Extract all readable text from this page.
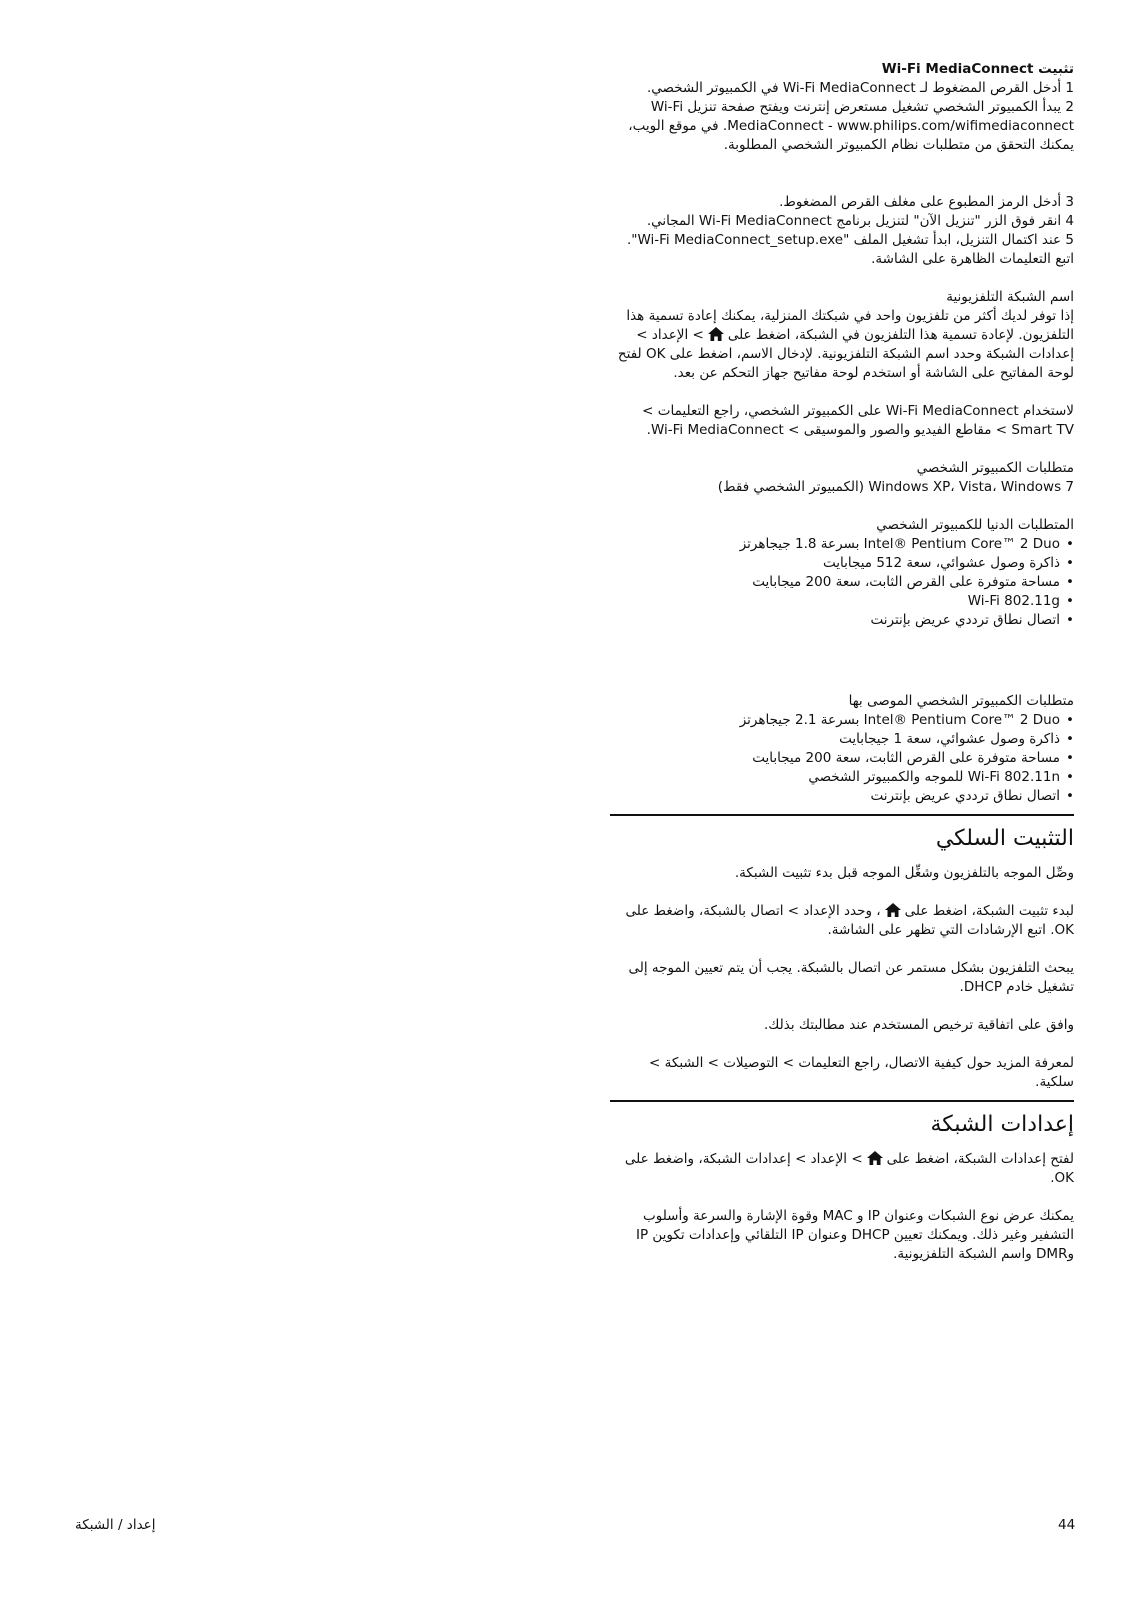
تثبيت Wi-Fi MediaConnect

1 أدخل القرص المضغوط لـ Wi-Fi MediaConnect في الكمبيوتر الشخصي.

2 يبدأ الكمبيوتر الشخصي تشغيل مستعرض إنترنت ويفتح صفحة تنزيل Wi-Fi MediaConnect - www.philips.com/wifimediaconnect. في موقع الويب، يمكنك التحقق من متطلبات نظام الكمبيوتر الشخصي المطلوبة.

3 أدخل الرمز المطبوع على مغلف القرص المضغوط.

4 انقر فوق الزر "تنزيل الآن" لتنزيل برنامج Wi-Fi MediaConnect المجاني.

5 عند اكتمال التنزيل، ابدأ تشغيل الملف "Wi-Fi MediaConnect_setup.exe". اتبع التعليمات الظاهرة على الشاشة.

اسم الشبكة التلفزيونية

إذا توفر لديك أكثر من تلفزيون واحد في شبكتك المنزلية، يمكنك إعادة تسمية هذا التلفزيون. لإعادة تسمية هذا التلفزيون في الشبكة، اضغط على> الإعداد > إعدادات الشبكة وحدد اسم الشبكة التلفزيونية. لإدخال الاسم، اضغط على OK لفتح لوحة المفاتيح على الشاشة أو استخدم لوحة مفاتيح جهاز التحكم عن بعد.

لاستخدام Wi-Fi MediaConnect على الكمبيوتر الشخصي، راجع التعليمات > Smart TV > مقاطع الفيديو والصور والموسيقى > Wi-Fi MediaConnect.

متطلبات الكمبيوتر الشخصي

Windows XP، Vista، Windows 7 (الكمبيوتر الشخصي فقط)

المتطلبات الدنيا للكمبيوتر الشخصي

• Intel® Pentium Core™ 2 Duo بسرعة 1.8 جيجاهرتز
• ذاكرة وصول عشوائي، سعة 512 ميجابايت
• مساحة متوفرة على القرص الثابت، سعة 200 ميجابايت
• Wi-Fi 802.11g
• اتصال نطاق ترددي عريض بإنترنت

متطلبات الكمبيوتر الشخصي الموصى بها

• Intel® Pentium Core™ 2 Duo بسرعة 2.1 جيجاهرتز
• ذاكرة وصول عشوائي، سعة 1 جيجابايت
• مساحة متوفرة على القرص الثابت، سعة 200 ميجابايت
• Wi-Fi 802.11n للموجه والكمبيوتر الشخصي
• اتصال نطاق ترددي عريض بإنترنت
التثبيت السلكي

وصِّل الموجه بالتلفزيون وشغِّل الموجه قبل بدء تثبيت الشبكة.

لبدء تثبيت الشبكة، اضغط على، وحدد الإعداد > اتصال بالشبكة، واضغط على OK. اتبع الإرشادات التي تظهر على الشاشة.

يبحث التلفزيون بشكل مستمر عن اتصال بالشبكة. يجب أن يتم تعيين الموجه إلى تشغيل خادم DHCP.

وافق على اتفاقية ترخيص المستخدم عند مطالبتك بذلك.

لمعرفة المزيد حول كيفية الاتصال، راجع التعليمات > التوصيلات > الشبكة > سلكية.

إعدادات الشبكة

لفتح إعدادات الشبكة، اضغط على> الإعداد > إعدادات الشبكة، واضغط على OK.

يمكنك عرض نوع الشبكات وعنوان IP و MAC وقوة الإشارة والسرعة وأسلوب التشفير وغير ذلك. ويمكنك تعيين DHCP وعنوان IP التلقائي وإعدادات تكوين IP وDMR واسم الشبكة التلفزيونية.

44
إعداد / الشبكة
